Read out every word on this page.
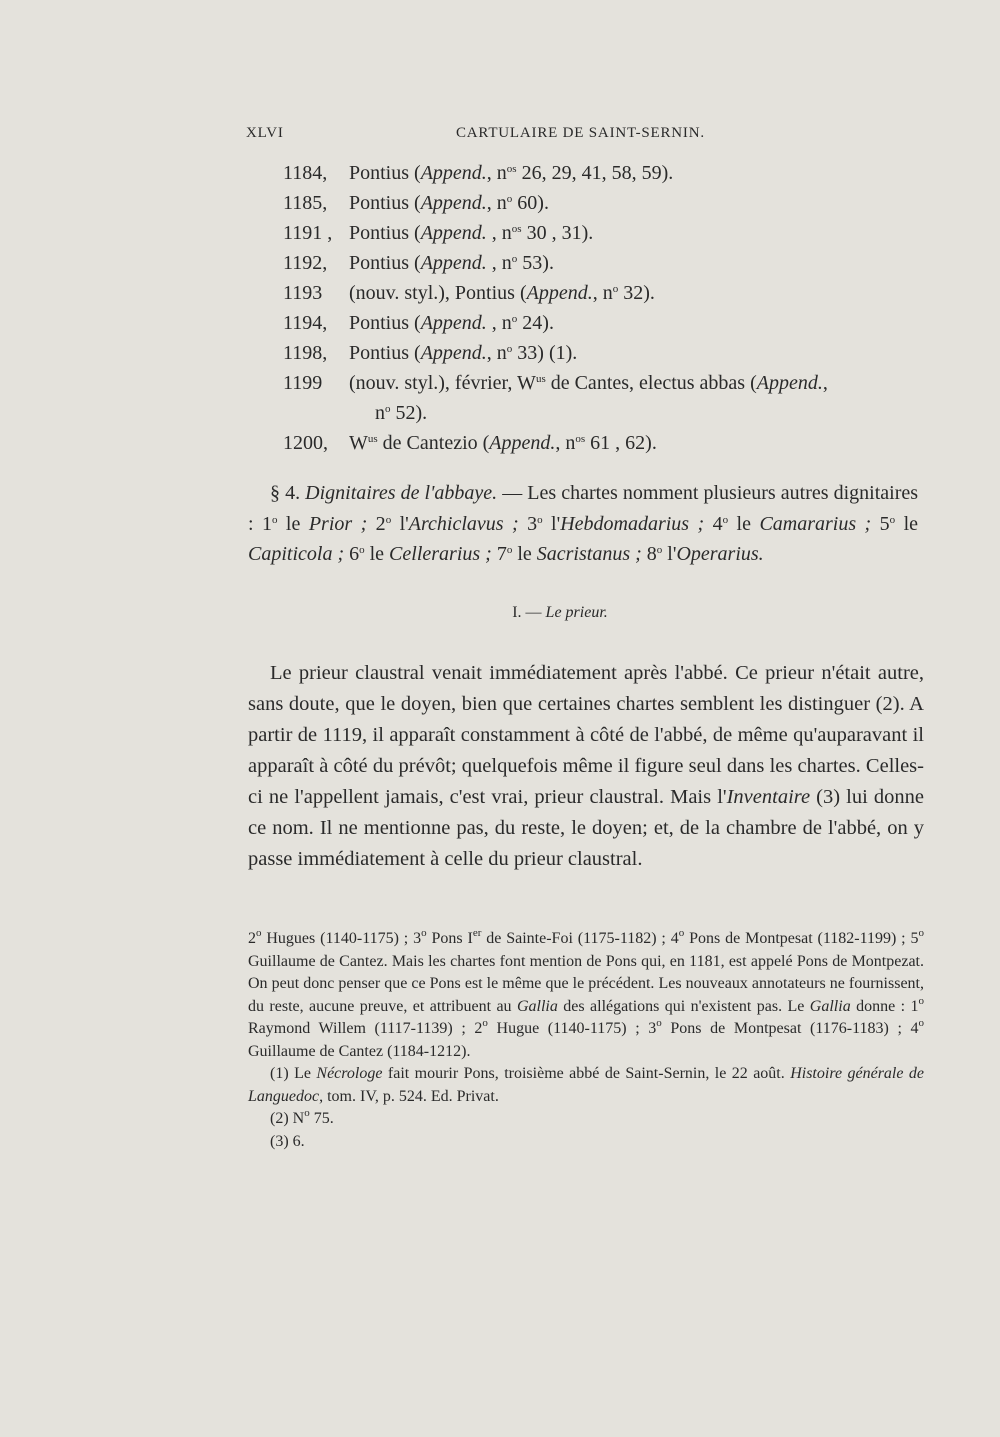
XLVI	CARTULAIRE DE SAINT-SERNIN.
1184, Pontius (Append., $n^{os}$ 26, 29, 41, 58, 59).
1185, Pontius (Append., $n^o$ 60).
1191 , Pontius (Append. , $n^{os}$ 30 , 31).
1192, Pontius (Append. , $n^o$ 53).
1193 (nouv. styl.), Pontius (Append., $n^o$ 32).
1194, Pontius (Append. , $n^o$ 24).
1198, Pontius (Append., $n^o$ 33) (1).
1199 (nouv. styl.), février, $W^{us}$ de Cantes, electus abbas (Append.,
$n^o$ 52).
1200, $W^{us}$ de Cantezio (Append., $n^{os}$ 61 , 62).
§ 4. Dignitaires de l'abbaye. — Les chartes nomment plusieurs autres dignitaires : 1$^o$ le Prior ; 2$^o$ l'Archiclavus ; 3$^o$ l'Hebdomadarius ; 4$^o$ le Camararius ; 5$^o$ le Capiticola ; 6$^o$ le Cellerarius ; 7$^o$ le Sacristanus ; 8$^o$ l'Operarius.
I. — Le prieur.
Le prieur claustral venait immédiatement après l'abbé. Ce prieur n'était autre, sans doute, que le doyen, bien que certaines chartes semblent les distinguer (2). A partir de 1119, il apparaît constamment à côté de l'abbé, de même qu'auparavant il apparaît à côté du prévôt; quelquefois même il figure seul dans les chartes. Celles-ci ne l'appellent jamais, c'est vrai, prieur claustral. Mais l'Inventaire (3) lui donne ce nom. Il ne mentionne pas, du reste, le doyen; et, de la chambre de l'abbé, on y passe immédiatement à celle du prieur claustral.

2$^o$ Hugues (1140-1175) ; 3$^o$ Pons Ier de Sainte-Foi (1175-1182) ; 4$^o$ Pons de Montpesat (1182-1199) ; 5$^o$ Guillaume de Cantez. Mais les chartes font mention de Pons qui, en 1181, est appelé Pons de Montpezat. On peut donc penser que ce Pons est le même que le précédent. Les nouveaux annotateurs ne fournissent, du reste, aucune preuve, et attribuent au Gallia des allégations qui n'existent pas. Le Gallia donne : 1$^o$ Raymond Willem (1117-1139) ; 2$^o$ Hugue (1140-1175) ; 3$^o$ Pons de Montpesat (1176-1183) ; 4$^o$ Guillaume de Cantez (1184-1212).

(1) Le Nécrologe fait mourir Pons, troisième abbé de Saint-Sernin, le 22 août. Histoire générale de Languedoc, tom. IV, p. 524. Ed. Privat.

(2) $N^o$ 75.

(3) 6.
